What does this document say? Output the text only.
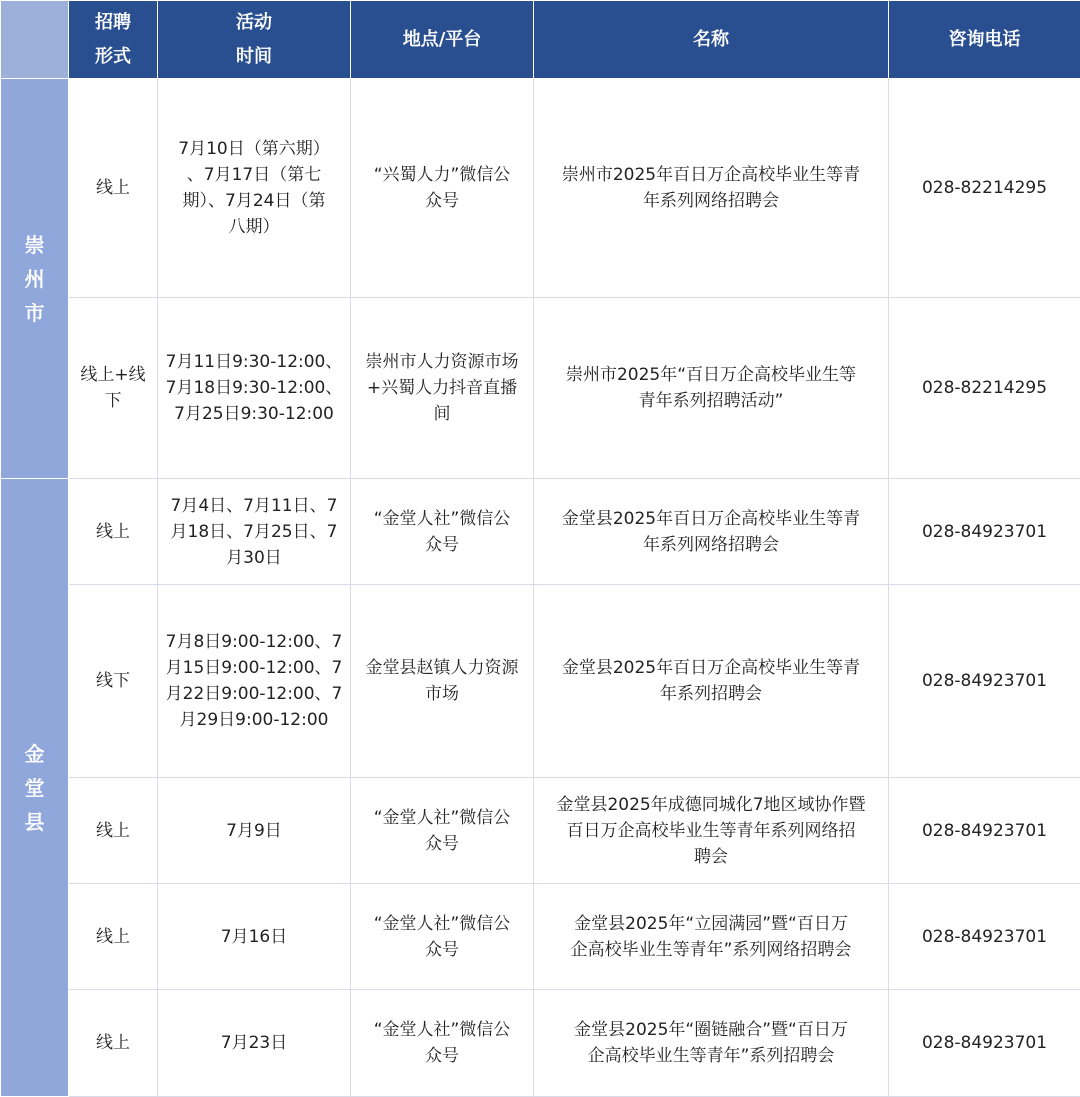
	招聘
形式	活动
时间	地点/平台	名称	咨询电话
崇
州
市	线上	7月10日（第六期）
、7月17日（第七
期）、7月24日（第
八期）	“兴蜀人力”微信公
众号	崇州市2025年百日万企高校毕业生等青
年系列网络招聘会	028-82214295
	线上+线
下	7月11日9:30-12:00、
7月18日9:30-12:00、
7月25日9:30-12:00	崇州市人力资源市场
+兴蜀人力抖音直播
间	崇州市2025年“百日万企高校毕业生等
青年系列招聘活动”	028-82214295
金
堂
县	线上	7月4日、7月11日、7
月18日、7月25日、7
月30日	“金堂人社”微信公
众号	金堂县2025年百日万企高校毕业生等青
年系列网络招聘会	028-84923701
	线下	7月8日9:00-12:00、7
月15日9:00-12:00、7
月22日9:00-12:00、7
月29日9:00-12:00	金堂县赵镇人力资源
市场	金堂县2025年百日万企高校毕业生等青
年系列招聘会	028-84923701
	线上	7月9日	“金堂人社”微信公
众号	金堂县2025年成德同城化7地区域协作暨
百日万企高校毕业生等青年系列网络招
聘会	028-84923701
	线上	7月16日	“金堂人社”微信公
众号	金堂县2025年“立园满园”暨“百日万
企高校毕业生等青年”系列网络招聘会	028-84923701
	线上	7月23日	“金堂人社”微信公
众号	金堂县2025年“圈链融合”暨“百日万
企高校毕业生等青年”系列招聘会	028-84923701
